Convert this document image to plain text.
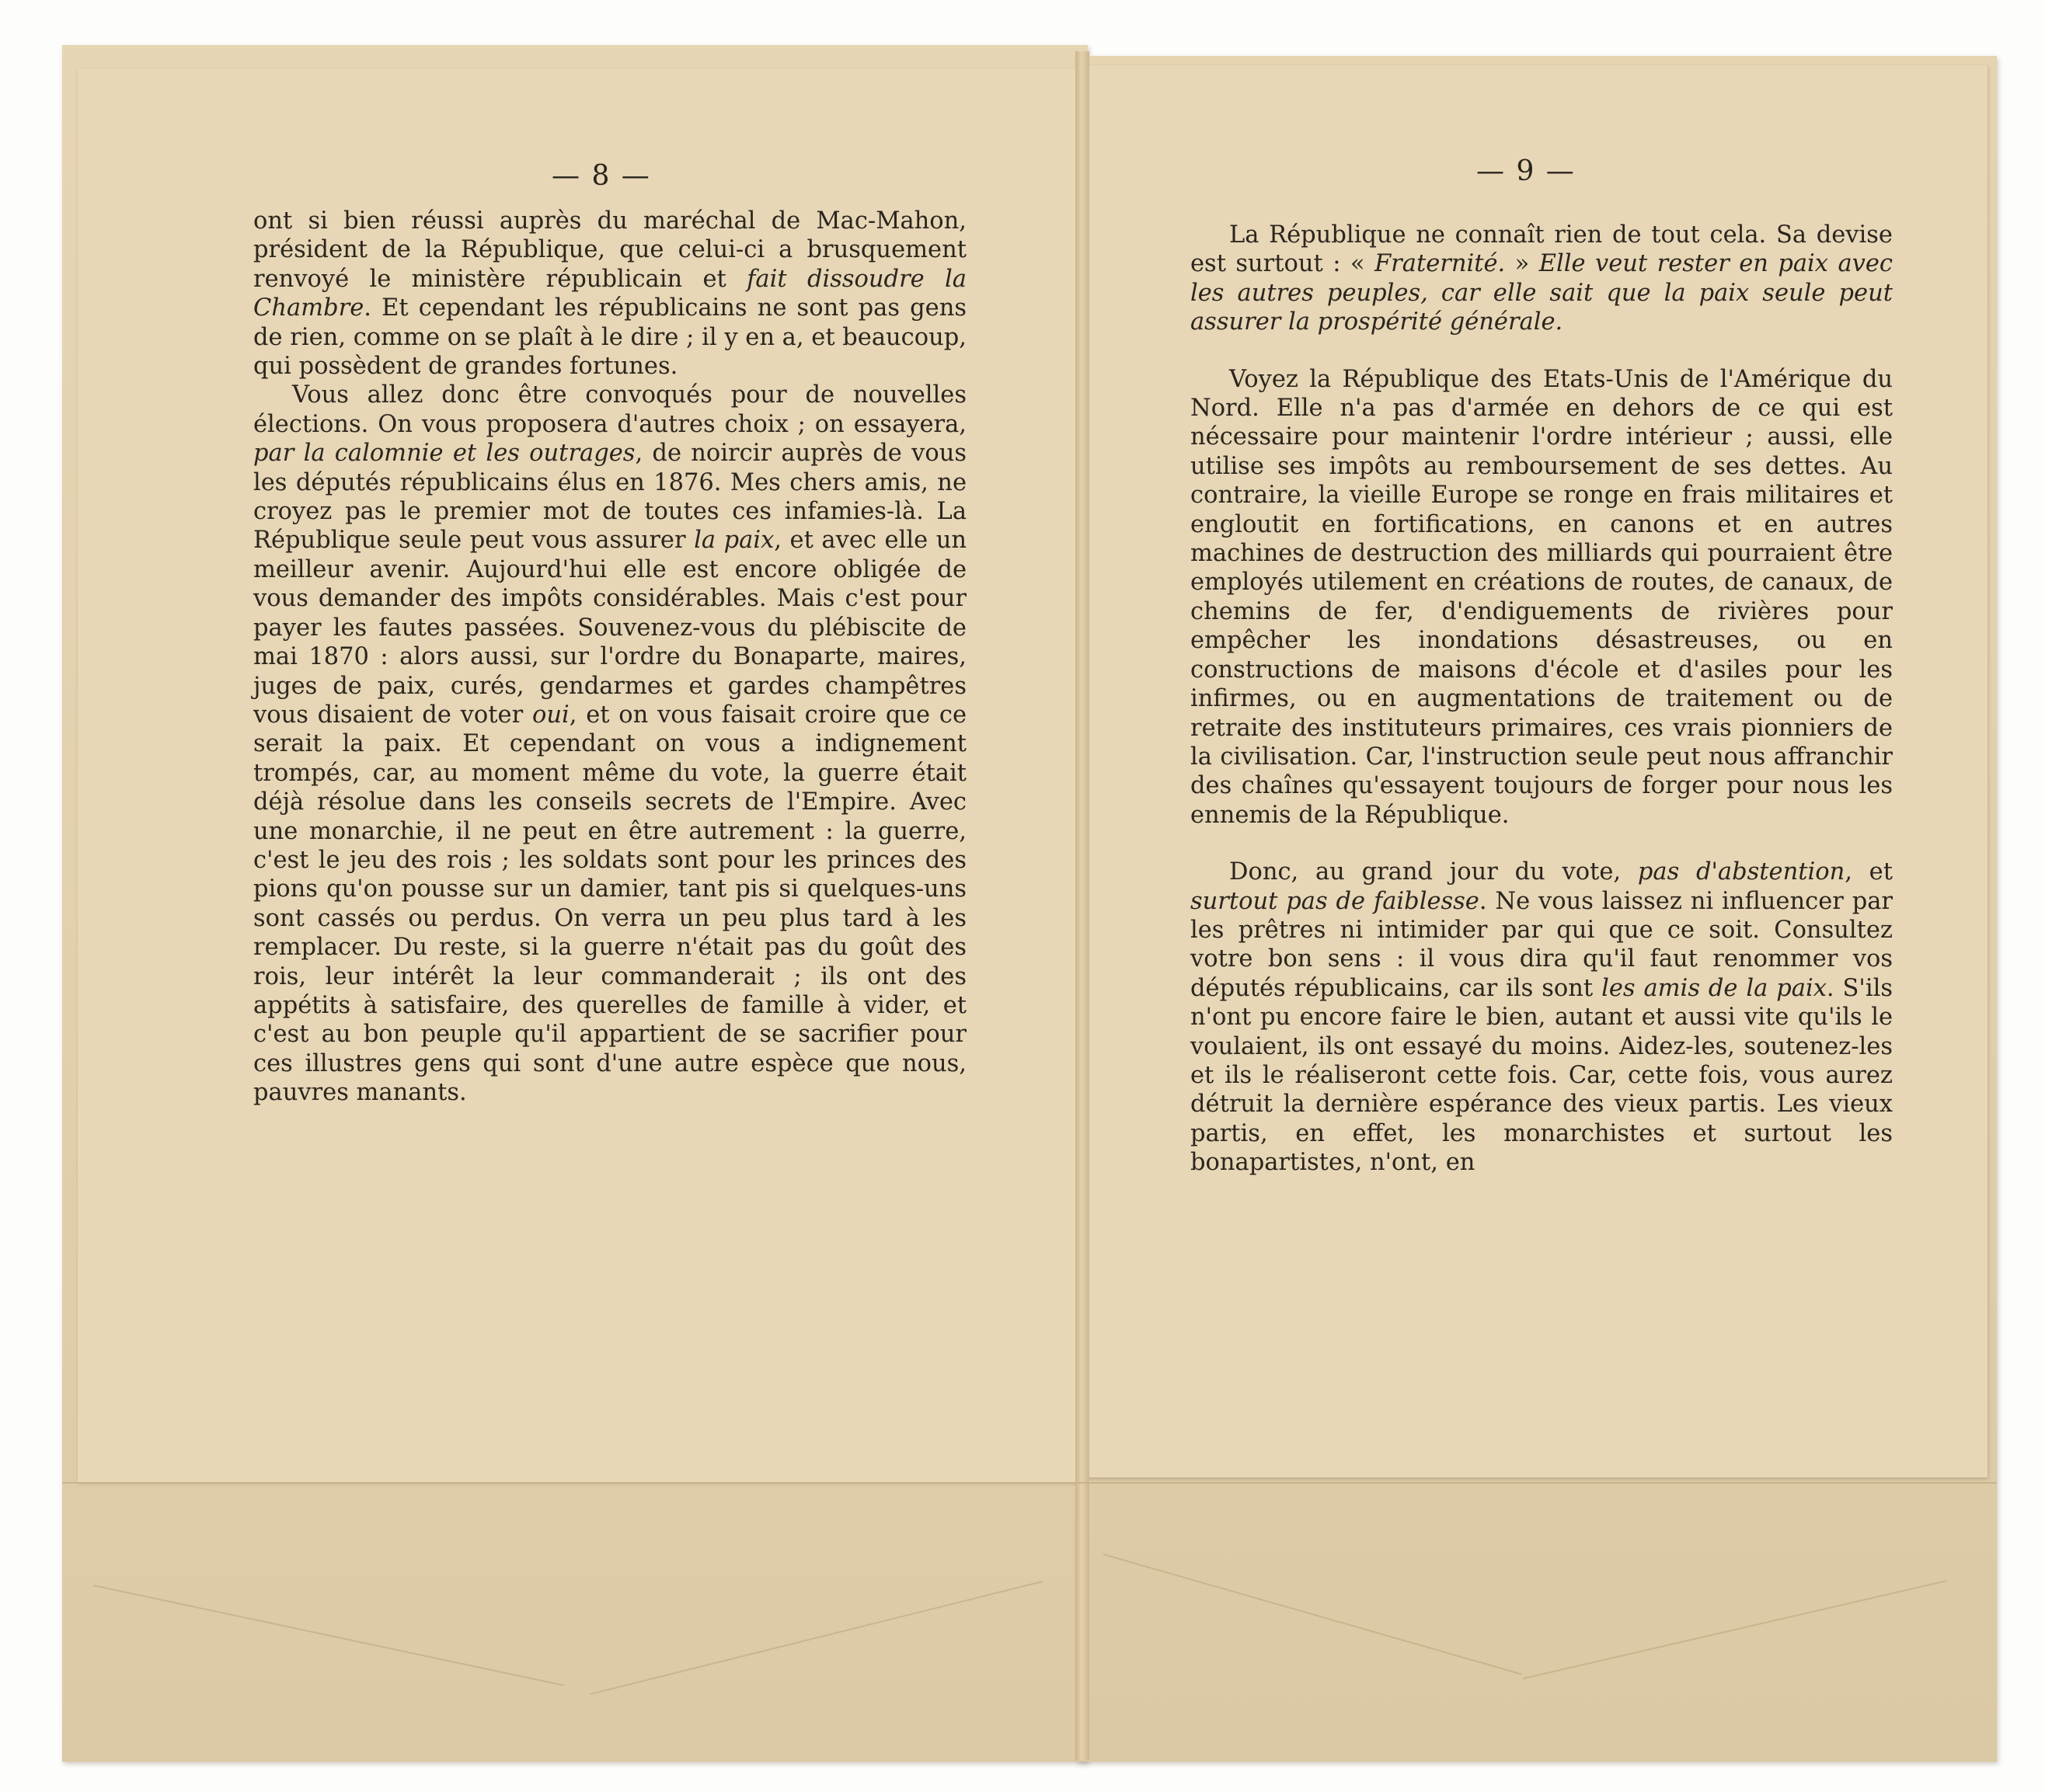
— 8 —	— 9 —

ont si bien réussi auprès du maréchal de Mac-Mahon, président de la République, que celui-ci a brusquement renvoyé le ministère républicain et fait dissoudre la Chambre. Et cependant les républicains ne sont pas gens de rien, comme on se plaît à le dire ; il y en a, et beaucoup, qui possèdent de grandes fortunes.

Vous allez donc être convoqués pour de nouvelles élections. On vous proposera d'autres choix ; on essayera, par la calomnie et les outrages, de noircir auprès de vous les députés républicains élus en 1876. Mes chers amis, ne croyez pas le premier mot de toutes ces infamies-là. La République seule peut vous assurer la paix, et avec elle un meilleur avenir. Aujourd'hui elle est encore obligée de vous demander des impôts considérables. Mais c'est pour payer les fautes passées. Souvenez-vous du plébiscite de mai 1870 : alors aussi, sur l'ordre du Bonaparte, maires, juges de paix, curés, gendarmes et gardes champêtres vous disaient de voter oui, et on vous faisait croire que ce serait la paix. Et cependant on vous a indignement trompés, car, au moment même du vote, la guerre était déjà résolue dans les conseils secrets de l'Empire. Avec une monarchie, il ne peut en être autrement : la guerre, c'est le jeu des rois ; les soldats sont pour les princes des pions qu'on pousse sur un damier, tant pis si quelques-uns sont cassés ou perdus. On verra un peu plus tard à les remplacer. Du reste, si la guerre n'était pas du goût des rois, leur intérêt la leur commanderait ; ils ont des appétits à satisfaire, des querelles de famille à vider, et c'est au bon peuple qu'il appartient de se sacrifier pour ces illustres gens qui sont d'une autre espèce que nous, pauvres manants.

La République ne connaît rien de tout cela. Sa devise est surtout : « Fraternité. » Elle veut rester en paix avec les autres peuples, car elle sait que la paix seule peut assurer la prospérité générale.

Voyez la République des Etats-Unis de l'Amérique du Nord. Elle n'a pas d'armée en dehors de ce qui est nécessaire pour maintenir l'ordre intérieur ; aussi, elle utilise ses impôts au remboursement de ses dettes. Au contraire, la vieille Europe se ronge en frais militaires et engloutit en fortifications, en canons et en autres machines de destruction des milliards qui pourraient être employés utilement en créations de routes, de canaux, de chemins de fer, d'endiguements de rivières pour empêcher les inondations désastreuses, ou en constructions de maisons d'école et d'asiles pour les infirmes, ou en augmentations de traitement ou de retraite des instituteurs primaires, ces vrais pionniers de la civilisation. Car, l'instruction seule peut nous affranchir des chaînes qu'essayent toujours de forger pour nous les ennemis de la République.

Donc, au grand jour du vote, pas d'abstention, et surtout pas de faiblesse. Ne vous laissez ni influencer par les prêtres ni intimider par qui que ce soit. Consultez votre bon sens : il vous dira qu'il faut renommer vos députés républicains, car ils sont les amis de la paix. S'ils n'ont pu encore faire le bien, autant et aussi vite qu'ils le voulaient, ils ont essayé du moins. Aidez-les, soutenez-les et ils le réaliseront cette fois. Car, cette fois, vous aurez détruit la dernière espérance des vieux partis. Les vieux partis, en effet, les monarchistes et surtout les bonapartistes, n'ont, en
